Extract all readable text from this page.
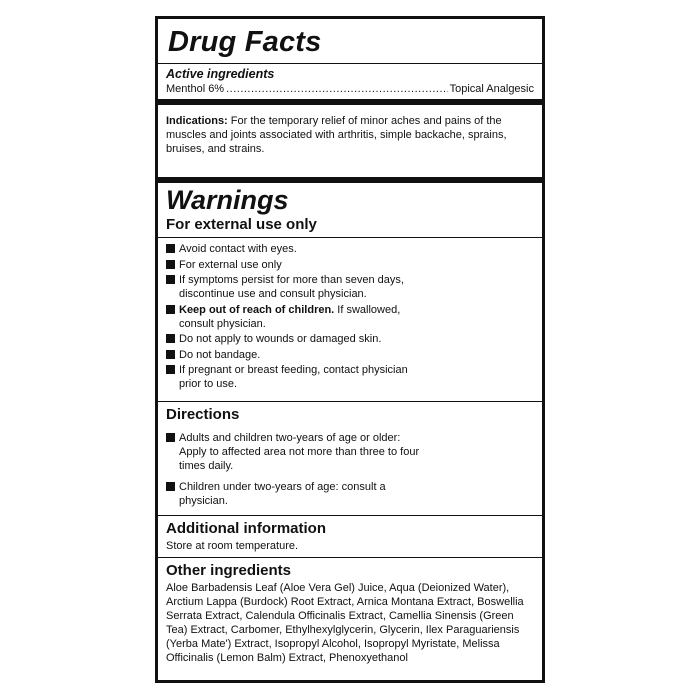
Drug Facts
Active ingredients
Menthol 6%
.....	Topical Analgesic
Indications: For the temporary relief of minor aches and pains of the muscles and joints associated with arthritis, simple backache, sprains, bruises, and strains.
Warnings
For external use only
Avoid contact with eyes.
For external use only
If symptoms persist for more than seven days,
discontinue use and consult physician.
Keep out of reach of children. If swallowed,
consult physician.
Do not apply to wounds or damaged skin.
Do not bandage.
If pregnant or breast feeding, contact physician
prior to use.
Directions
Adults and children two-years of age or older:
Apply to affected area not more than three to four
times daily.
Children under two-years of age: consult a
physician.
Additional information
Store at room temperature.
Other ingredients
Aloe Barbadensis Leaf (Aloe Vera Gel) Juice, Aqua (Deionized Water), Arctium Lappa (Burdock) Root Extract, Arnica Montana Extract, Boswellia Serrata Extract, Calendula Officinalis Extract, Camellia Sinensis (Green Tea) Extract, Carbomer, Ethylhexylglycerin, Glycerin, Ilex Paraguariensis (Yerba Mate') Extract, Isopropyl Alcohol, Isopropyl Myristate, Melissa Officinalis (Lemon Balm) Extract, Phenoxyethanol
